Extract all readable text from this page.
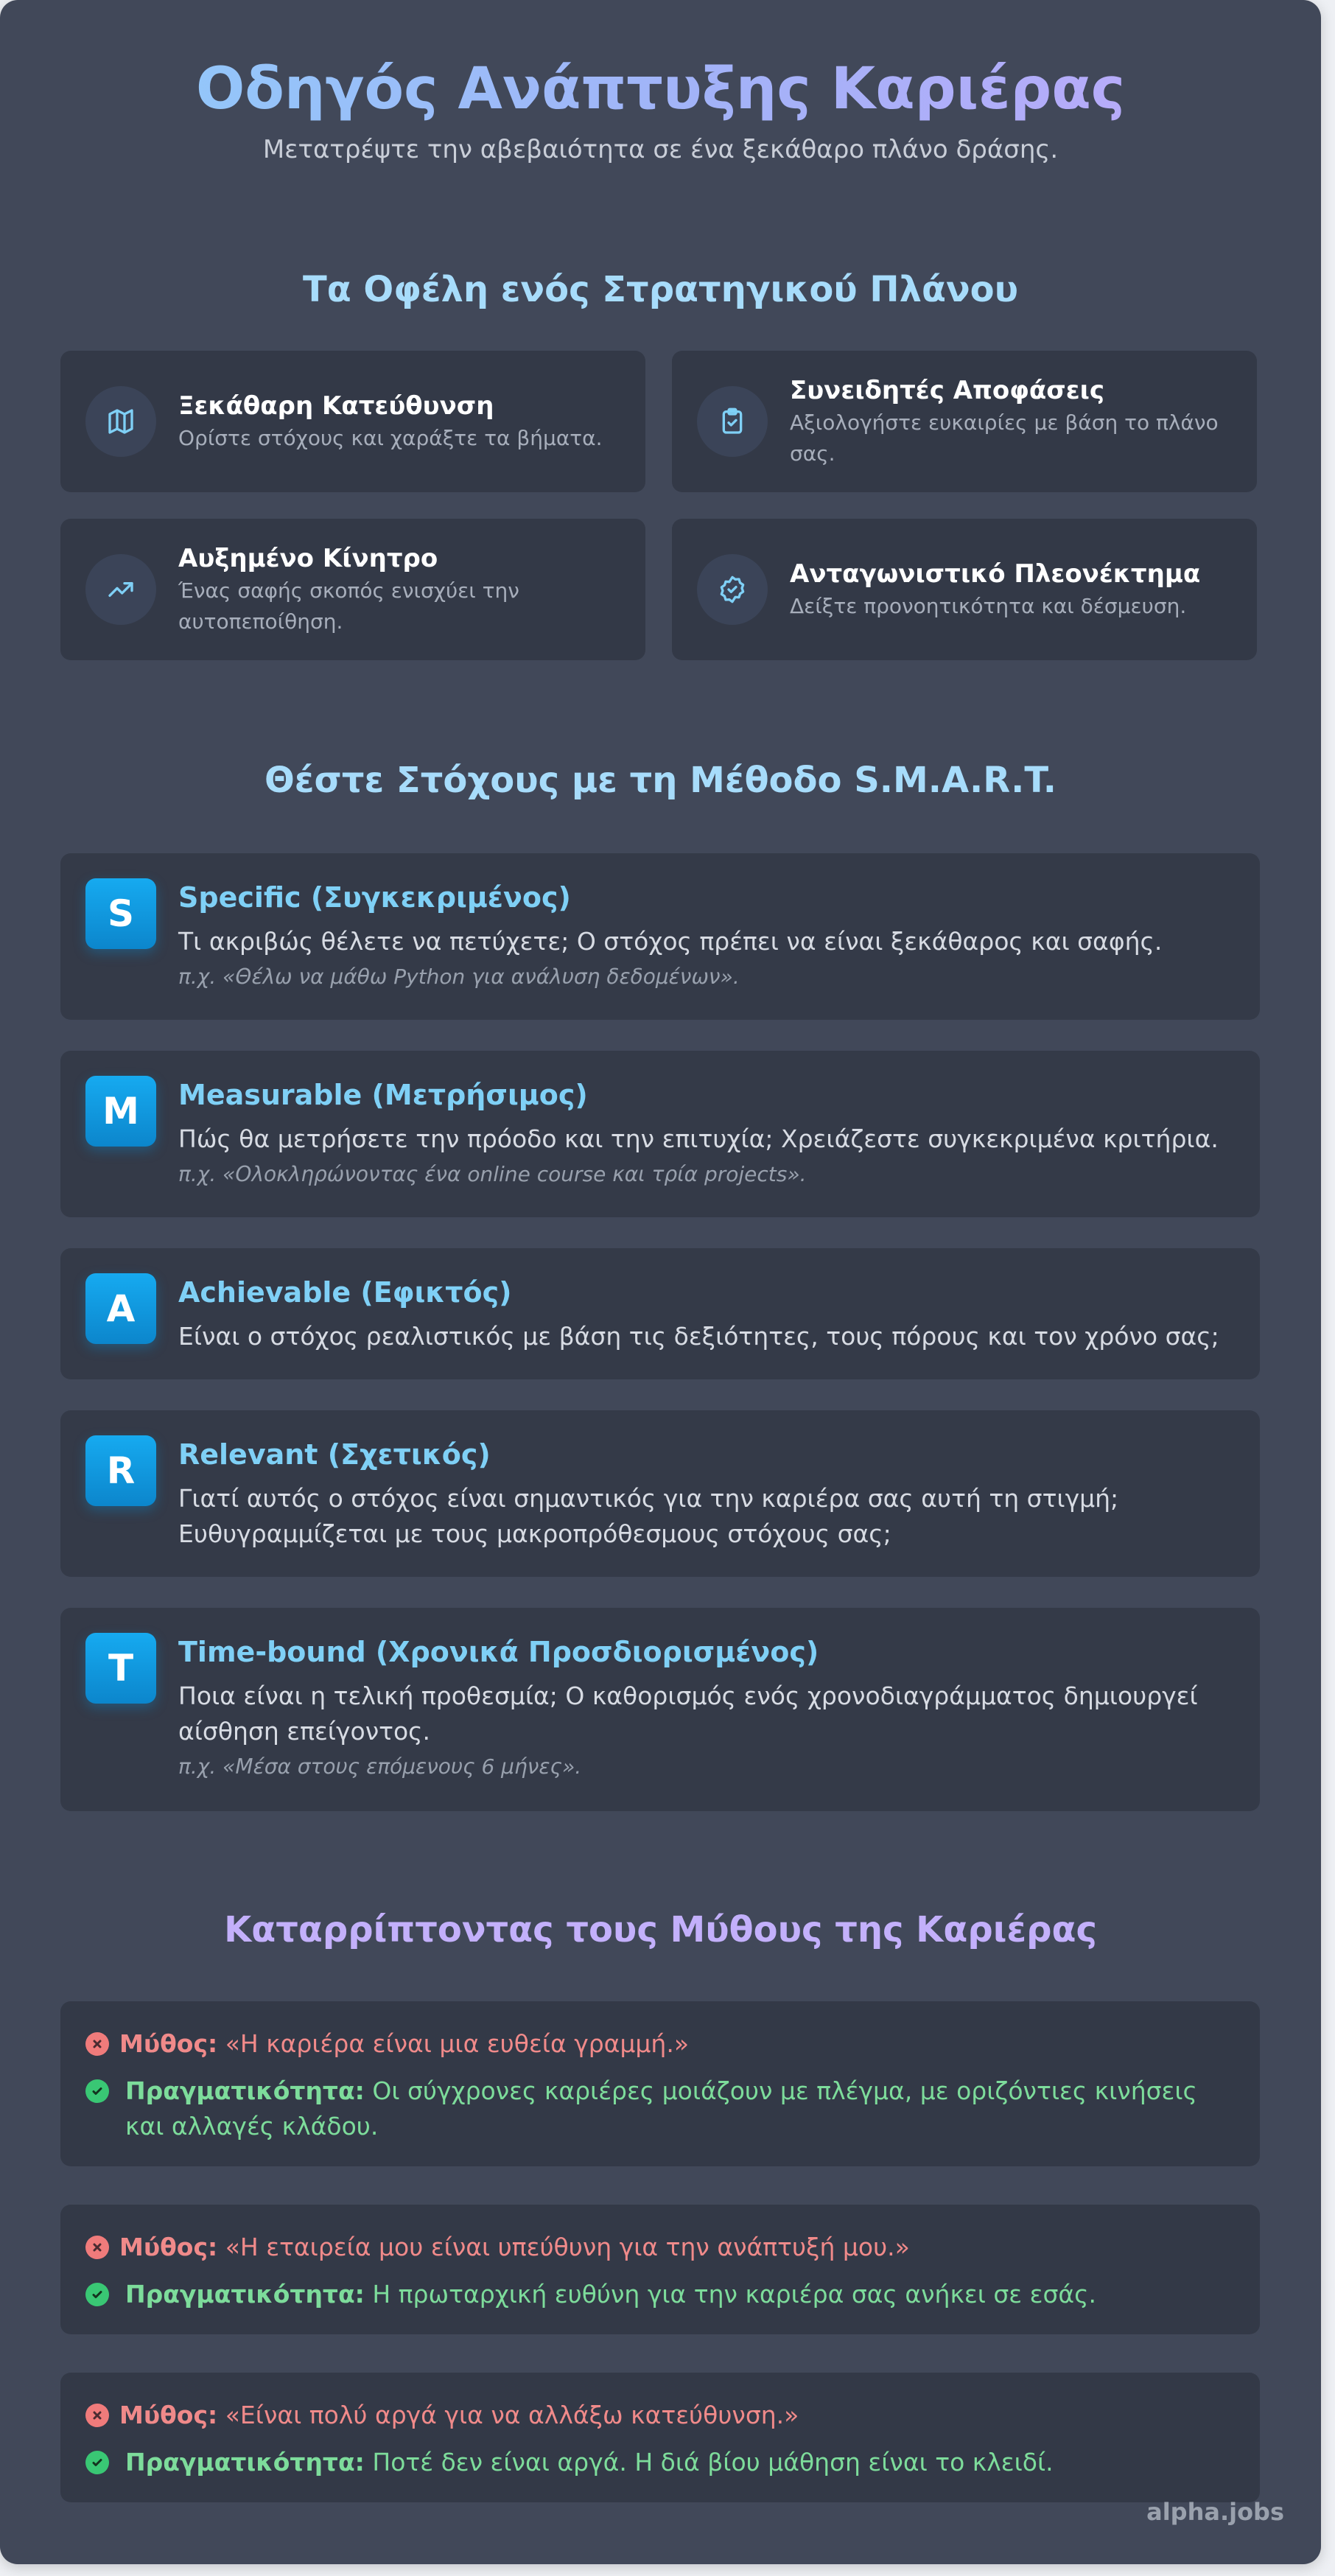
Οδηγός Ανάπτυξης Καριέρας
Μετατρέψτε την αβεβαιότητα σε ένα ξεκάθαρο πλάνο δράσης.
Τα Οφέλη ενός Στρατηγικού Πλάνου
Ξεκάθαρη Κατεύθυνση
Ορίστε στόχους και χαράξτε τα βήματα.
Συνειδητές Αποφάσεις
Αξιολογήστε ευκαιρίες με βάση το πλάνο σας.
Αυξημένο Κίνητρο
Ένας σαφής σκοπός ενισχύει την αυτοπεποίθηση.
Ανταγωνιστικό Πλεονέκτημα
Δείξτε προνοητικότητα και δέσμευση.
Θέστε Στόχους με τη Μέθοδο S.M.A.R.T.
S	Specific (Συγκεκριμένος)
Τι ακριβώς θέλετε να πετύχετε; Ο στόχος πρέπει να είναι ξεκάθαρος και σαφής.
π.χ. «Θέλω να μάθω Python για ανάλυση δεδομένων».
M	Measurable (Μετρήσιμος)
Πώς θα μετρήσετε την πρόοδο και την επιτυχία; Χρειάζεστε συγκεκριμένα κριτήρια.
π.χ. «Ολοκληρώνοντας ένα online course και τρία projects».
A	Achievable (Εφικτός)
Είναι ο στόχος ρεαλιστικός με βάση τις δεξιότητες, τους πόρους και τον χρόνο σας;
R	Relevant (Σχετικός)
Γιατί αυτός ο στόχος είναι σημαντικός για την καριέρα σας αυτή τη στιγμή; Ευθυγραμμίζεται με τους μακροπρόθεσμους στόχους σας;
T	Time-bound (Χρονικά Προσδιορισμένος)
Ποια είναι η τελική προθεσμία; Ο καθορισμός ενός χρονοδιαγράμματος δημιουργεί αίσθηση επείγοντος.
π.χ. «Μέσα στους επόμενους 6 μήνες».
Καταρρίπτοντας τους Μύθους της Καριέρας
Μύθος: «Η καριέρα είναι μια ευθεία γραμμή.»
Πραγματικότητα: Οι σύγχρονες καριέρες μοιάζουν με πλέγμα, με οριζόντιες κινήσεις και αλλαγές κλάδου.
Μύθος: «Η εταιρεία μου είναι υπεύθυνη για την ανάπτυξή μου.»
Πραγματικότητα: Η πρωταρχική ευθύνη για την καριέρα σας ανήκει σε εσάς.
Μύθος: «Είναι πολύ αργά για να αλλάξω κατεύθυνση.»
Πραγματικότητα: Ποτέ δεν είναι αργά. Η διά βίου μάθηση είναι το κλειδί.
alpha.jobs
